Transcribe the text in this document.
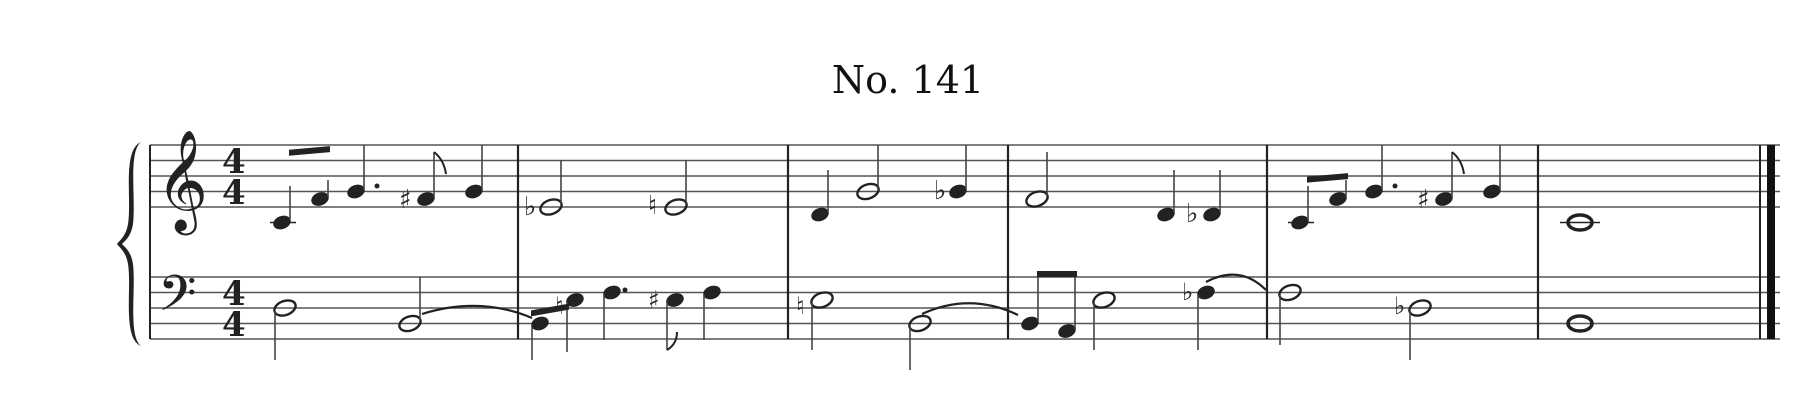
No. 141
𝄞
𝄢
4
4
4
4
♯	♭	♮	♭
♭	♯
♯	♮	♭	♭
